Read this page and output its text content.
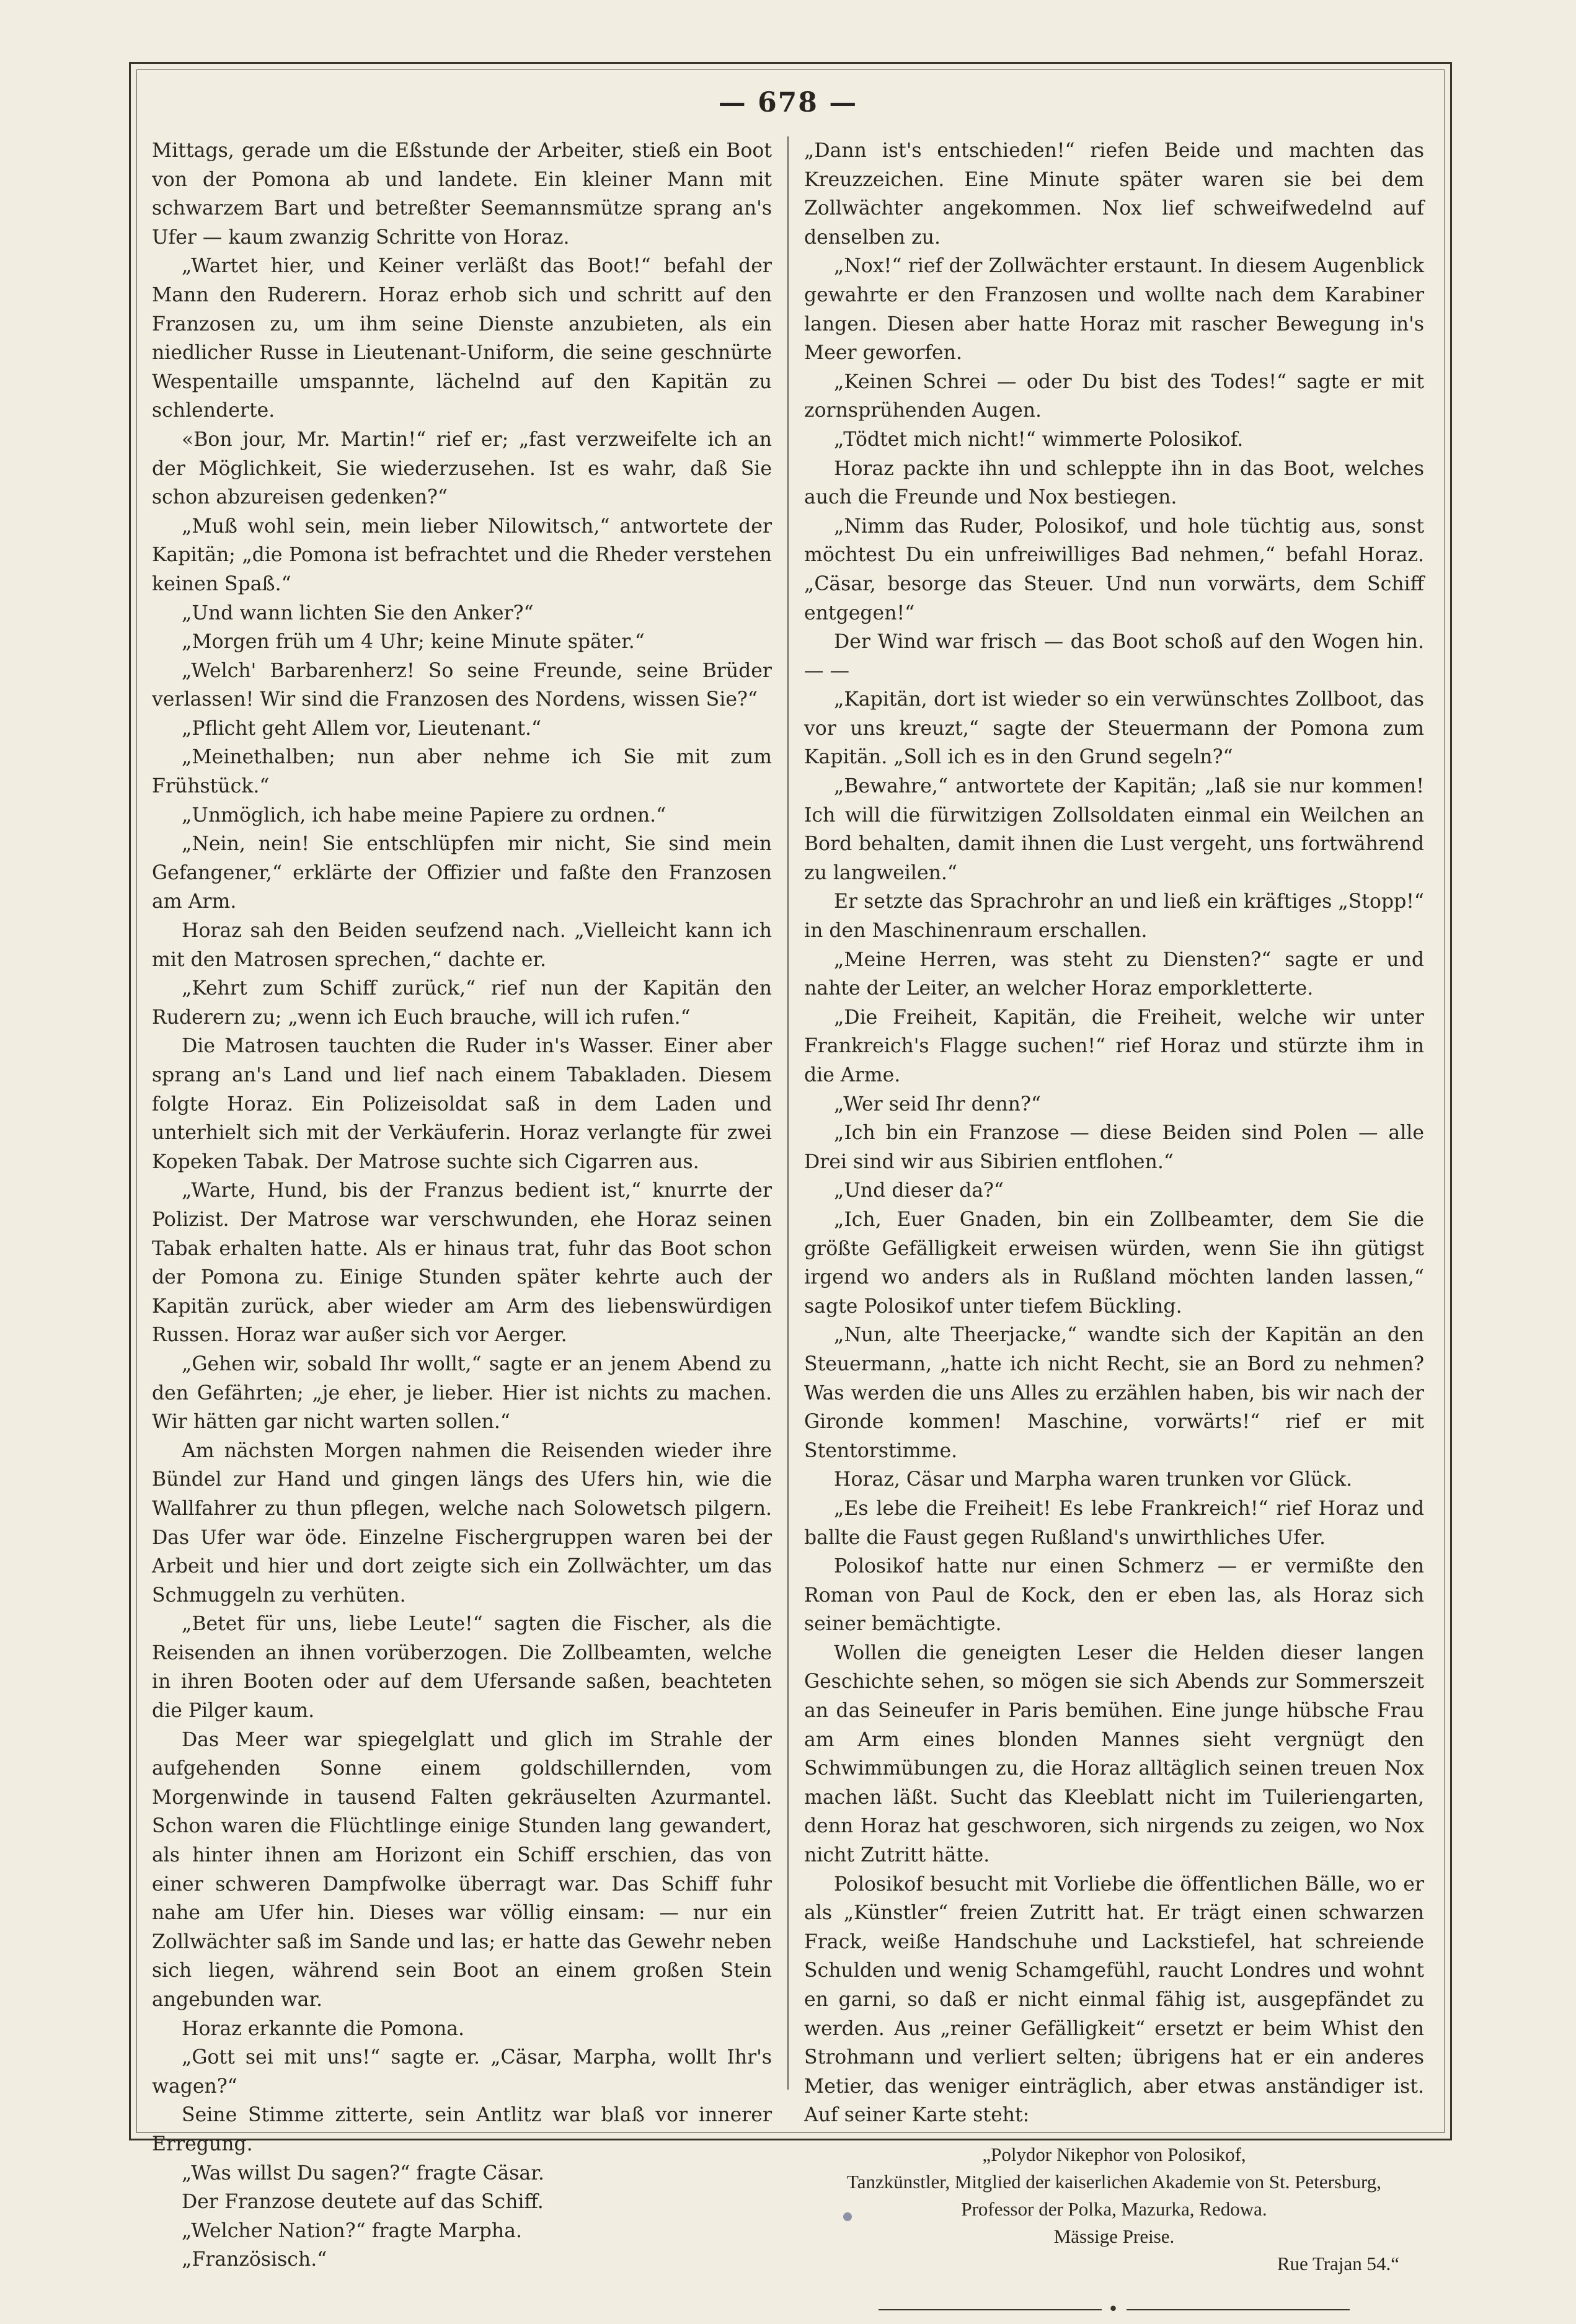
— 678 —

Mittags, gerade um die Eßstunde der Arbeiter, stieß ein Boot von der Pomona ab und landete. Ein kleiner Mann mit schwarzem Bart und betreßter Seemannsmütze sprang an's Ufer — kaum zwanzig Schritte von Horaz.

„Wartet hier, und Keiner verläßt das Boot!“ befahl der Mann den Ruderern. Horaz erhob sich und schritt auf den Franzosen zu, um ihm seine Dienste anzubieten, als ein niedlicher Russe in Lieutenant-Uniform, die seine geschnürte Wespentaille umspannte, lächelnd auf den Kapitän zu schlenderte.

«Bon jour, Mr. Martin!“ rief er; „fast verzweifelte ich an der Möglichkeit, Sie wiederzusehen. Ist es wahr, daß Sie schon abzureisen gedenken?“

„Muß wohl sein, mein lieber Nilowitsch,“ antwortete der Kapitän; „die Pomona ist befrachtet und die Rheder verstehen keinen Spaß.“

„Und wann lichten Sie den Anker?“

„Morgen früh um 4 Uhr; keine Minute später.“

„Welch' Barbarenherz! So seine Freunde, seine Brüder verlassen! Wir sind die Franzosen des Nordens, wissen Sie?“

„Pflicht geht Allem vor, Lieutenant.“

„Meinethalben; nun aber nehme ich Sie mit zum Frühstück.“

„Unmöglich, ich habe meine Papiere zu ordnen.“

„Nein, nein! Sie entschlüpfen mir nicht, Sie sind mein Gefangener,“ erklärte der Offizier und faßte den Franzosen am Arm.

Horaz sah den Beiden seufzend nach. „Vielleicht kann ich mit den Matrosen sprechen,“ dachte er.

„Kehrt zum Schiff zurück,“ rief nun der Kapitän den Ruderern zu; „wenn ich Euch brauche, will ich rufen.“

Die Matrosen tauchten die Ruder in's Wasser. Einer aber sprang an's Land und lief nach einem Tabakladen. Diesem folgte Horaz. Ein Polizeisoldat saß in dem Laden und unterhielt sich mit der Verkäuferin. Horaz verlangte für zwei Kopeken Tabak. Der Matrose suchte sich Cigarren aus.

„Warte, Hund, bis der Franzus bedient ist,“ knurrte der Polizist. Der Matrose war verschwunden, ehe Horaz seinen Tabak erhalten hatte. Als er hinaus trat, fuhr das Boot schon der Pomona zu. Einige Stunden später kehrte auch der Kapitän zurück, aber wieder am Arm des liebenswürdigen Russen. Horaz war außer sich vor Aerger.

„Gehen wir, sobald Ihr wollt,“ sagte er an jenem Abend zu den Gefährten; „je eher, je lieber. Hier ist nichts zu machen. Wir hätten gar nicht warten sollen.“

Am nächsten Morgen nahmen die Reisenden wieder ihre Bündel zur Hand und gingen längs des Ufers hin, wie die Wallfahrer zu thun pflegen, welche nach Solowetsch pilgern. Das Ufer war öde. Einzelne Fischergruppen waren bei der Arbeit und hier und dort zeigte sich ein Zollwächter, um das Schmuggeln zu verhüten.

„Betet für uns, liebe Leute!“ sagten die Fischer, als die Reisenden an ihnen vorüberzogen. Die Zollbeamten, welche in ihren Booten oder auf dem Ufersande saßen, beachteten die Pilger kaum.

Das Meer war spiegelglatt und glich im Strahle der aufgehenden Sonne einem goldschillernden, vom Morgenwinde in tausend Falten gekräuselten Azurmantel. Schon waren die Flüchtlinge einige Stunden lang gewandert, als hinter ihnen am Horizont ein Schiff erschien, das von einer schweren Dampfwolke überragt war. Das Schiff fuhr nahe am Ufer hin. Dieses war völlig einsam: — nur ein Zollwächter saß im Sande und las; er hatte das Gewehr neben sich liegen, während sein Boot an einem großen Stein angebunden war.

Horaz erkannte die Pomona.

„Gott sei mit uns!“ sagte er. „Cäsar, Marpha, wollt Ihr's wagen?“

Seine Stimme zitterte, sein Antlitz war blaß vor innerer Erregung.

„Was willst Du sagen?“ fragte Cäsar.

Der Franzose deutete auf das Schiff.

„Welcher Nation?“ fragte Marpha.

„Französisch.“

„Dann ist's entschieden!“ riefen Beide und machten das Kreuzzeichen. Eine Minute später waren sie bei dem Zollwächter angekommen. Nox lief schweifwedelnd auf denselben zu.

„Nox!“ rief der Zollwächter erstaunt. In diesem Augenblick gewahrte er den Franzosen und wollte nach dem Karabiner langen. Diesen aber hatte Horaz mit rascher Bewegung in's Meer geworfen.

„Keinen Schrei — oder Du bist des Todes!“ sagte er mit zornsprühenden Augen.

„Tödtet mich nicht!“ wimmerte Polosikof.

Horaz packte ihn und schleppte ihn in das Boot, welches auch die Freunde und Nox bestiegen.

„Nimm das Ruder, Polosikof, und hole tüchtig aus, sonst möchtest Du ein unfreiwilliges Bad nehmen,“ befahl Horaz. „Cäsar, besorge das Steuer. Und nun vorwärts, dem Schiff entgegen!“

Der Wind war frisch — das Boot schoß auf den Wogen hin. — —

„Kapitän, dort ist wieder so ein verwünschtes Zollboot, das vor uns kreuzt,“ sagte der Steuermann der Pomona zum Kapitän. „Soll ich es in den Grund segeln?“

„Bewahre,“ antwortete der Kapitän; „laß sie nur kommen! Ich will die fürwitzigen Zollsoldaten einmal ein Weilchen an Bord behalten, damit ihnen die Lust vergeht, uns fortwährend zu langweilen.“

Er setzte das Sprachrohr an und ließ ein kräftiges „Stopp!“ in den Maschinenraum erschallen.

„Meine Herren, was steht zu Diensten?“ sagte er und nahte der Leiter, an welcher Horaz emporkletterte.

„Die Freiheit, Kapitän, die Freiheit, welche wir unter Frankreich's Flagge suchen!“ rief Horaz und stürzte ihm in die Arme.

„Wer seid Ihr denn?“

„Ich bin ein Franzose — diese Beiden sind Polen — alle Drei sind wir aus Sibirien entflohen.“

„Und dieser da?“

„Ich, Euer Gnaden, bin ein Zollbeamter, dem Sie die größte Gefälligkeit erweisen würden, wenn Sie ihn gütigst irgend wo anders als in Rußland möchten landen lassen,“ sagte Polosikof unter tiefem Bückling.

„Nun, alte Theerjacke,“ wandte sich der Kapitän an den Steuermann, „hatte ich nicht Recht, sie an Bord zu nehmen? Was werden die uns Alles zu erzählen haben, bis wir nach der Gironde kommen! Maschine, vorwärts!“ rief er mit Stentorstimme.

Horaz, Cäsar und Marpha waren trunken vor Glück.

„Es lebe die Freiheit! Es lebe Frankreich!“ rief Horaz und ballte die Faust gegen Rußland's unwirthliches Ufer.

Polosikof hatte nur einen Schmerz — er vermißte den Roman von Paul de Kock, den er eben las, als Horaz sich seiner bemächtigte.

Wollen die geneigten Leser die Helden dieser langen Geschichte sehen, so mögen sie sich Abends zur Sommerszeit an das Seineufer in Paris bemühen. Eine junge hübsche Frau am Arm eines blonden Mannes sieht vergnügt den Schwimmübungen zu, die Horaz alltäglich seinen treuen Nox machen läßt. Sucht das Kleeblatt nicht im Tuileriengarten, denn Horaz hat geschworen, sich nirgends zu zeigen, wo Nox nicht Zutritt hätte.

Polosikof besucht mit Vorliebe die öffentlichen Bälle, wo er als „Künstler“ freien Zutritt hat. Er trägt einen schwarzen Frack, weiße Handschuhe und Lackstiefel, hat schreiende Schulden und wenig Schamgefühl, raucht Londres und wohnt en garni, so daß er nicht einmal fähig ist, ausgepfändet zu werden. Aus „reiner Gefälligkeit“ ersetzt er beim Whist den Strohmann und verliert selten; übrigens hat er ein anderes Metier, das weniger einträglich, aber etwas anständiger ist. Auf seiner Karte steht:

„Polydor Nikephor von Polosikof,
Tanzkünstler, Mitglied der kaiserlichen Akademie von St. Petersburg,
Professor der Polka, Mazurka, Redowa.
Mässige Preise.
Rue Trajan 54.“
•
